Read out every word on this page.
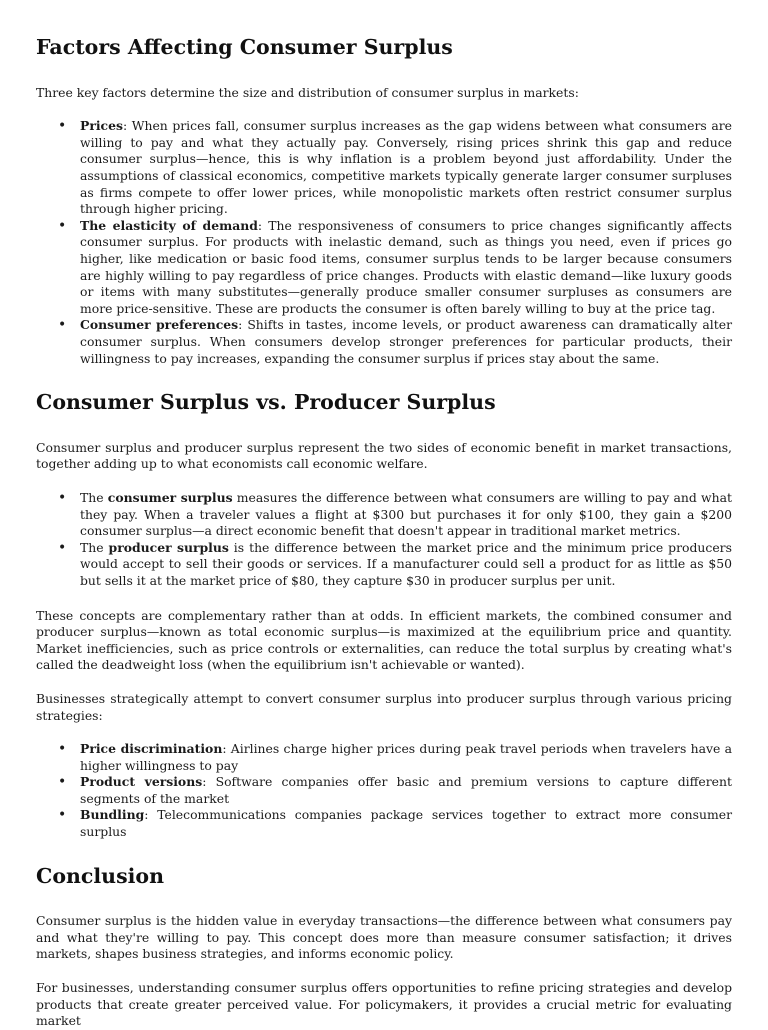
Factors Affecting Consumer Surplus

Three key factors determine the size and distribution of consumer surplus in markets:

• Prices: When prices fall, consumer surplus increases as the gap widens between what consumers are willing to pay and what they actually pay. Conversely, rising prices shrink this gap and reduce consumer surplus—hence, this is why inflation is a problem beyond just affordability. Under the assumptions of classical economics, competitive markets typically generate larger consumer surpluses as firms compete to offer lower prices, while monopolistic markets often restrict consumer surplus through higher pricing.
• The elasticity of demand: The responsiveness of consumers to price changes significantly affects consumer surplus. For products with inelastic demand, such as things you need, even if prices go higher, like medication or basic food items, consumer surplus tends to be larger because consumers are highly willing to pay regardless of price changes. Products with elastic demand—like luxury goods or items with many substitutes—generally produce smaller consumer surpluses as consumers are more price-sensitive. These are products the consumer is often barely willing to buy at the price tag.
• Consumer preferences: Shifts in tastes, income levels, or product awareness can dramatically alter consumer surplus. When consumers develop stronger preferences for particular products, their willingness to pay increases, expanding the consumer surplus if prices stay about the same.
Consumer Surplus vs. Producer Surplus

Consumer surplus and producer surplus represent the two sides of economic benefit in market transactions, together adding up to what economists call economic welfare.

• The consumer surplus measures the difference between what consumers are willing to pay and what they pay. When a traveler values a flight at $300 but purchases it for only $100, they gain a $200 consumer surplus—a direct economic benefit that doesn't appear in traditional market metrics.
• The producer surplus is the difference between the market price and the minimum price producers would accept to sell their goods or services. If a manufacturer could sell a product for as little as $50 but sells it at the market price of $80, they capture $30 in producer surplus per unit.

These concepts are complementary rather than at odds. In efficient markets, the combined consumer and producer surplus—known as total economic surplus—is maximized at the equilibrium price and quantity. Market inefficiencies, such as price controls or externalities, can reduce the total surplus by creating what's called the deadweight loss (when the equilibrium isn't achievable or wanted).

Businesses strategically attempt to convert consumer surplus into producer surplus through various pricing strategies:

• Price discrimination: Airlines charge higher prices during peak travel periods when travelers have a higher willingness to pay
• Product versions: Software companies offer basic and premium versions to capture different segments of the market
• Bundling: Telecommunications companies package services together to extract more consumer surplus
Conclusion

Consumer surplus is the hidden value in everyday transactions—the difference between what consumers pay and what they're willing to pay. This concept does more than measure consumer satisfaction; it drives markets, shapes business strategies, and informs economic policy.

For businesses, understanding consumer surplus offers opportunities to refine pricing strategies and develop products that create greater perceived value. For policymakers, it provides a crucial metric for evaluating market
